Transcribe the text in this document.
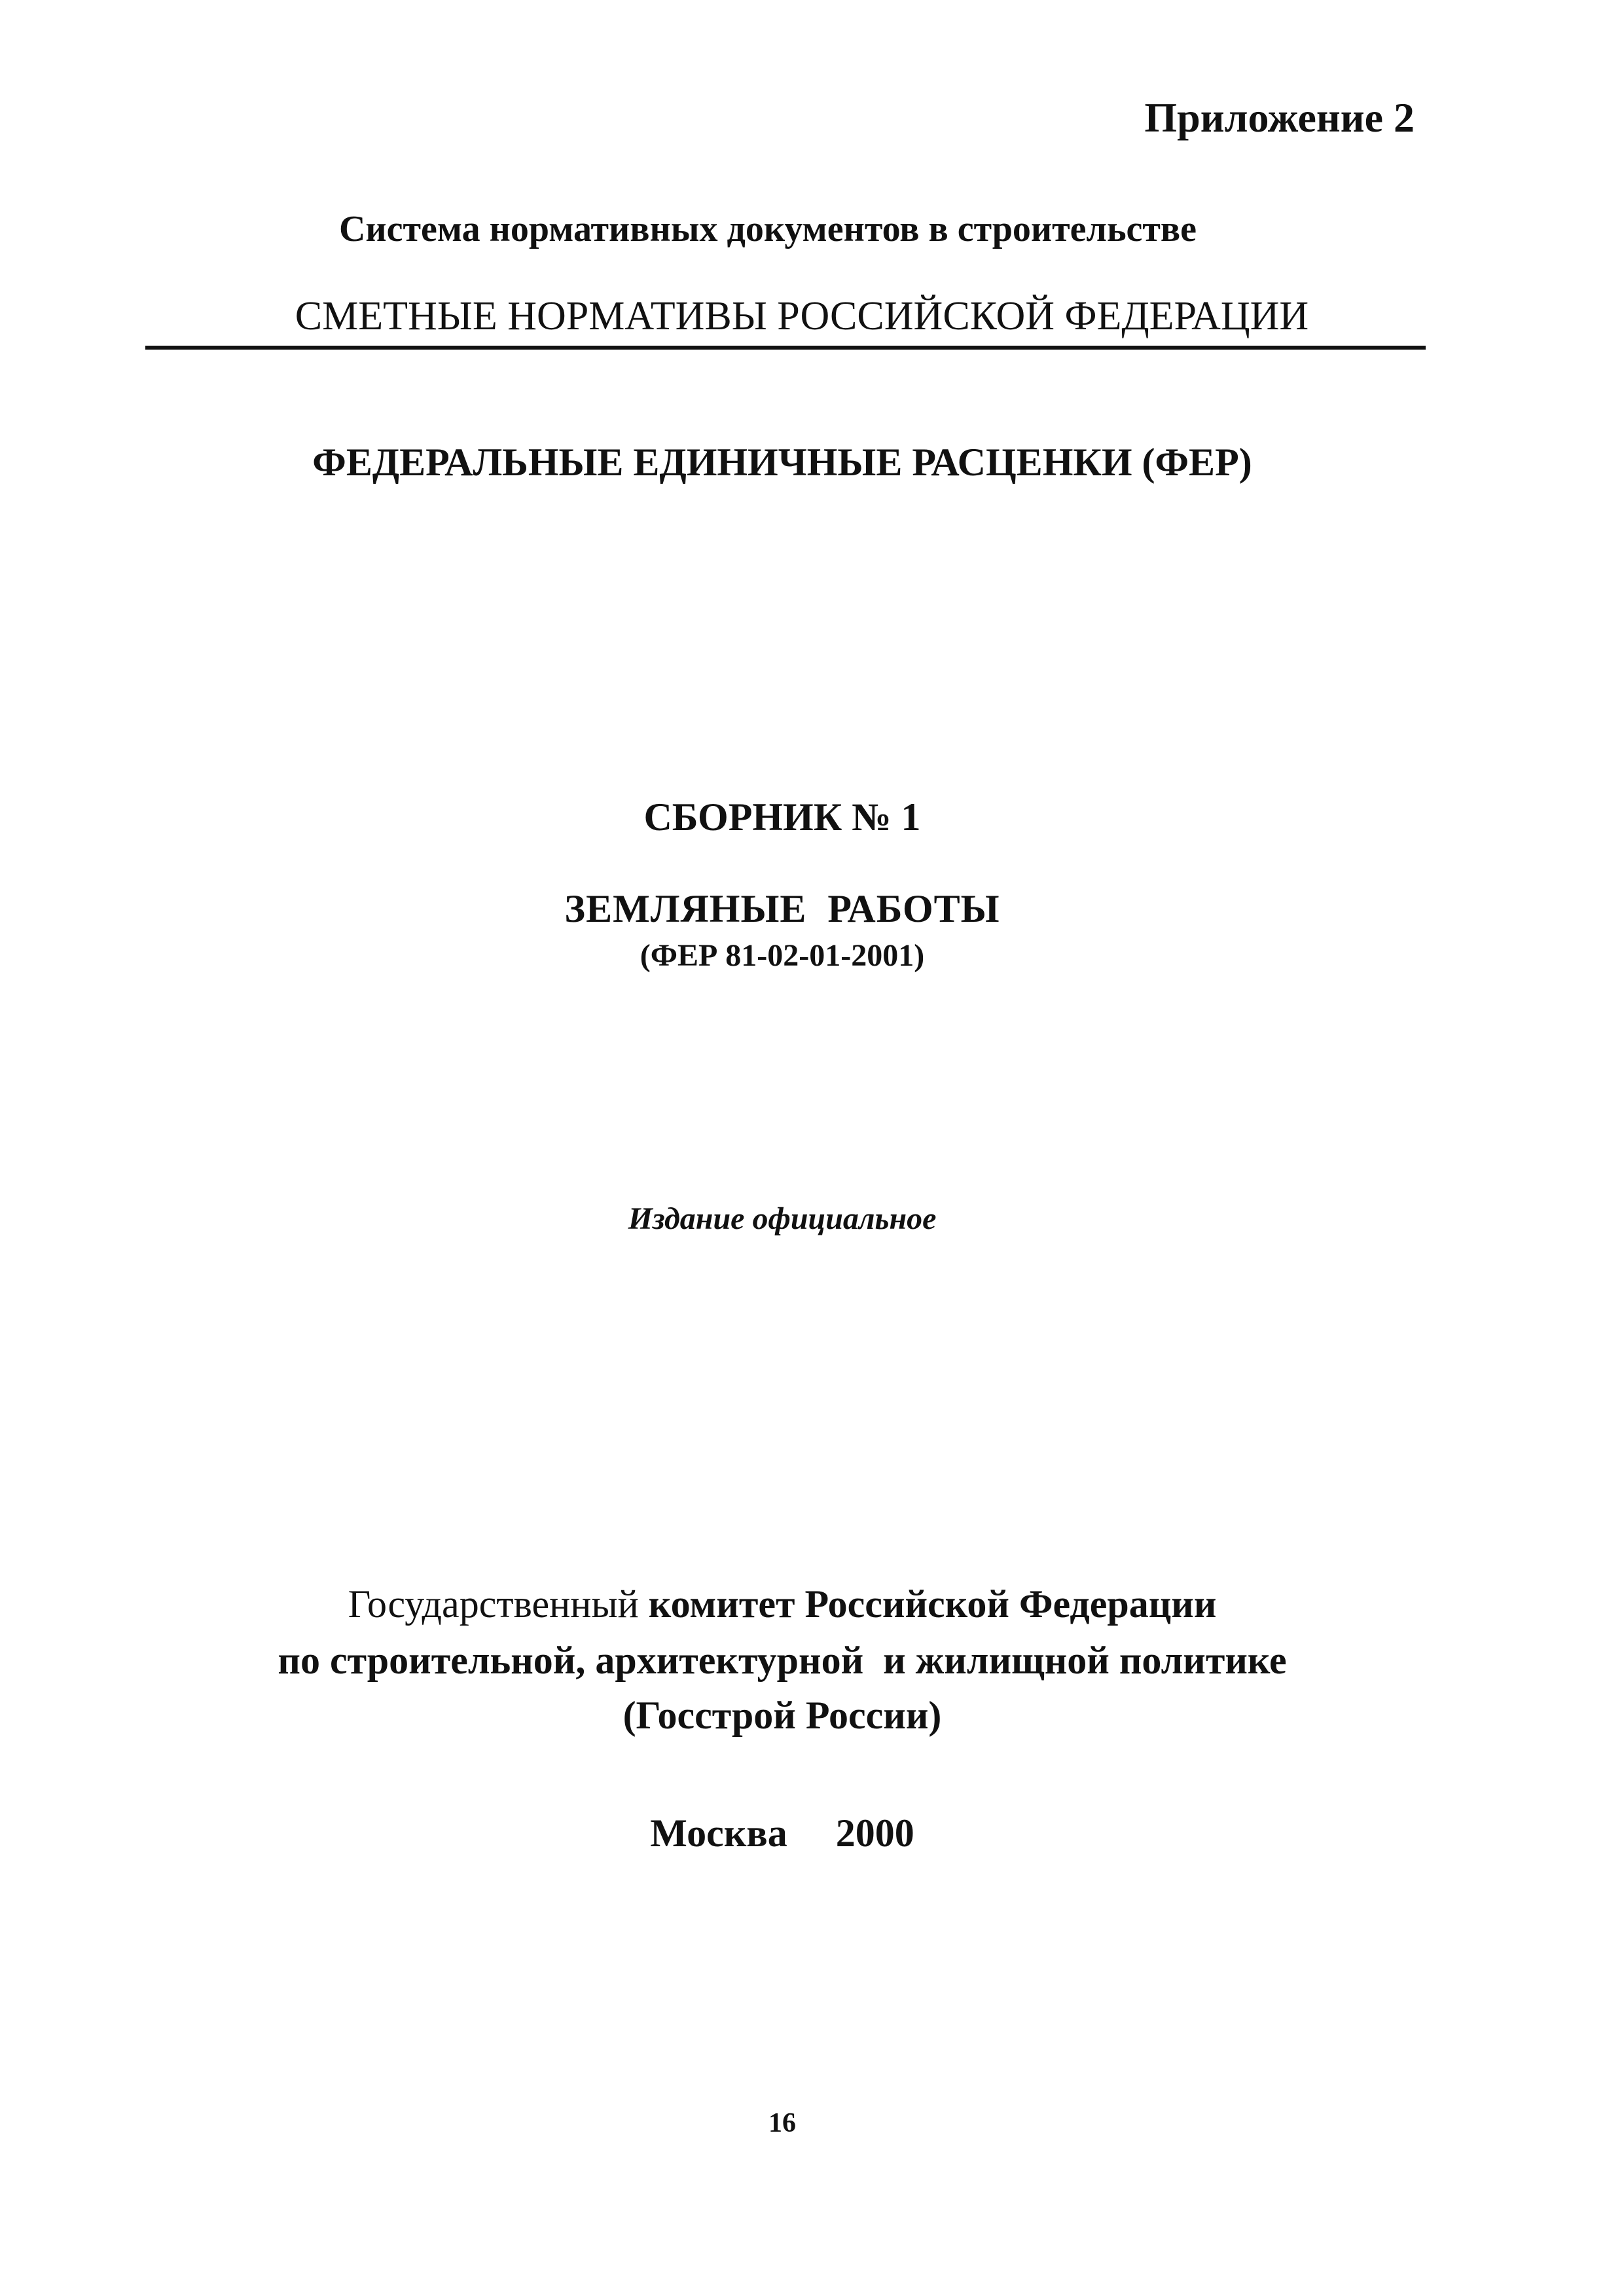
Приложение 2
Система нормативных документов в строительстве
СМЕТНЫЕ НОРМАТИВЫ РОССИЙСКОЙ ФЕДЕРАЦИИ
ФЕДЕРАЛЬНЫЕ ЕДИНИЧНЫЕ РАСЦЕНКИ (ФЕР)
СБОРНИК № 1
ЗЕМЛЯНЫЕ  РАБОТЫ
(ФЕР 81-02-01-2001)
Издание официальное
Государственный комитет Российской Федерации
по строительной, архитектурной  и жилищной политике
(Госстрой России)
Москва  2000
16
